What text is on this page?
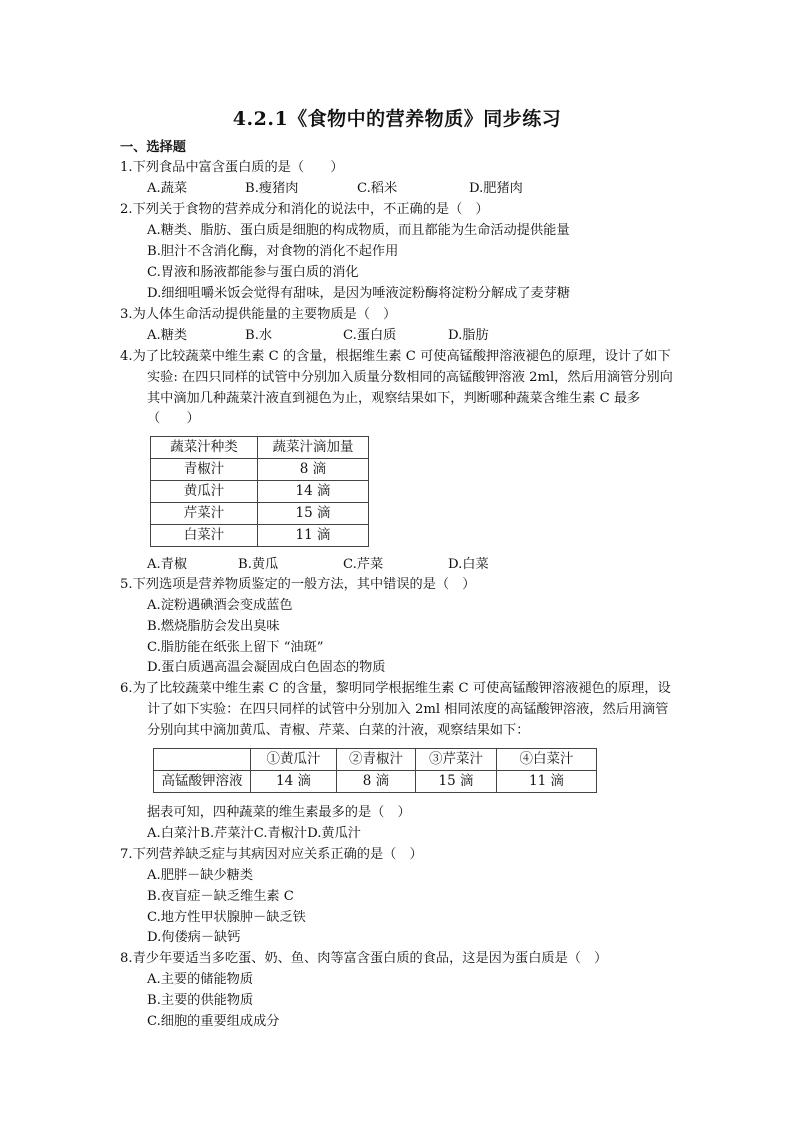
4.2.1《食物中的营养物质》同步练习
一、选择题
1.下列食品中富含蛋白质的是（　　）
A.蔬菜	B.瘦猪肉	C.稻米	D.肥猪肉
2.下列关于食物的营养成分和消化的说法中，不正确的是（　）
A.糖类、脂肪、蛋白质是细胞的构成物质，而且都能为生命活动提供能量
B.胆汁不含消化酶，对食物的消化不起作用
C.胃液和肠液都能参与蛋白质的消化
D.细细咀嚼米饭会觉得有甜味，是因为唾液淀粉酶将淀粉分解成了麦芽糖
3.为人体生命活动提供能量的主要物质是（　）
A.糖类	B.水	C.蛋白质	D.脂肪
4.为了比较蔬菜中维生素 C 的含量，根据维生素 C 可使高锰酸押溶液褪色的原理，设计了如下
实验: 在四只同样的试管中分别加入质量分数相同的高锰酸钾溶液 2ml，然后用滴管分别向
其中滴加几种蔬菜汁液直到褪色为止，观察结果如下，判断哪种蔬菜含维生素 C 最多
（　　）
蔬菜汁种类	蔬菜汁滴加量
青椒汁	8 滴
黄瓜汁	14 滴
芹菜汁	15 滴
白菜汁	11 滴
A.青椒	B.黄瓜	C.芹菜	D.白菜
5.下列选项是营养物质鉴定的一般方法，其中错误的是（　）
A.淀粉遇碘酒会变成蓝色
B.燃烧脂肪会发出臭味
C.脂肪能在纸张上留下 “油斑”
D.蛋白质遇高温会凝固成白色固态的物质
6.为了比较蔬菜中维生素 C 的含量，黎明同学根据维生素 C 可使高锰酸钾溶液褪色的原理，设
计了如下实验：在四只同样的试管中分别加入 2ml 相同浓度的高锰酸钾溶液，然后用滴管
分别向其中滴加黄瓜、青椒、芹菜、白菜的汁液，观察结果如下：
	①黄瓜汁	②青椒汁	③芹菜汁	④白菜汁
高锰酸钾溶液	14 滴	8 滴	15 滴	11 滴
据表可知，四种蔬菜的维生素最多的是（　）
A.白菜汁B.芹菜汁C.青椒汁D.黄瓜汁
7.下列营养缺乏症与其病因对应关系正确的是（　）
A.肥胖－缺少糖类
B.夜盲症－缺乏维生素 C
C.地方性甲状腺肿－缺乏铁
D.佝偻病－缺钙
8.青少年要适当多吃蛋、奶、鱼、肉等富含蛋白质的食品，这是因为蛋白质是（　）
A.主要的储能物质
B.主要的供能物质
C.细胞的重要组成成分
